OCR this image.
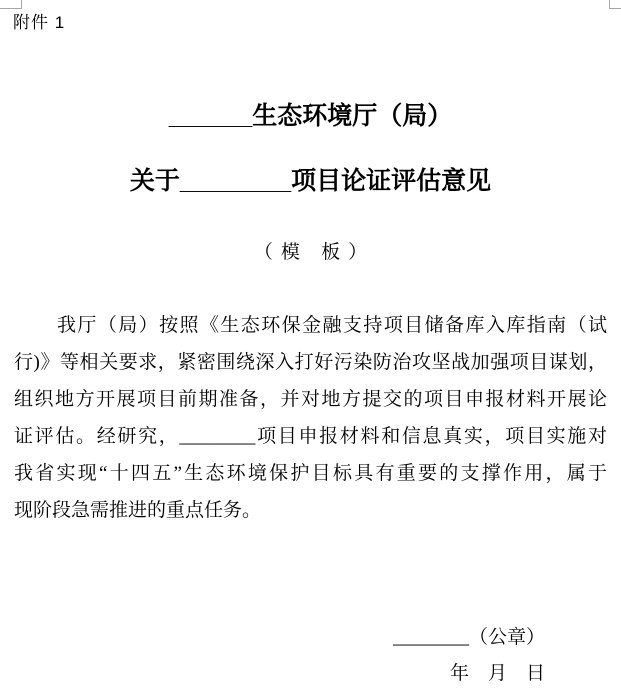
附件 1
______生态环境厅（局）
关于________项目论证评估意见
（模 板）
我厅（局）按照《生态环保金融支持项目储备库入库指南（试
行)》等相关要求，紧密围绕深入打好污染防治攻坚战加强项目谋划，
组织地方开展项目前期准备，并对地方提交的项目申报材料开展论
证评估。经研究，________项目申报材料和信息真实，项目实施对
我省实现“十四五”生态环境保护目标具有重要的支撑作用，属于
现阶段急需推进的重点任务。
________（公章）
年　月　日
